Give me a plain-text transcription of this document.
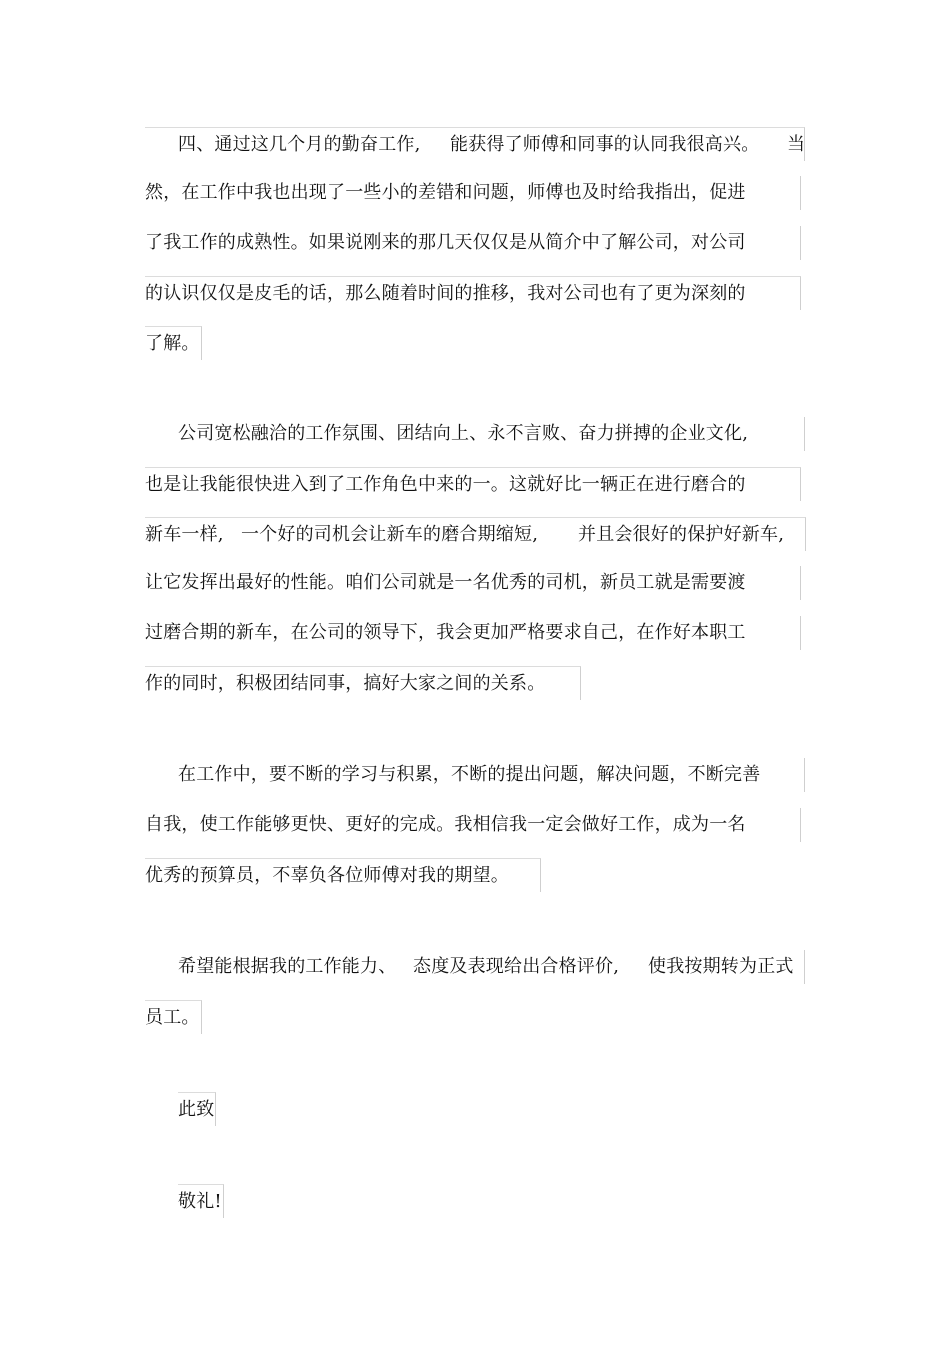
四、通过这几个月的勤奋工作,

能获得了师傅和同事的认同我很高兴。

当

然，在工作中我也出现了一些小的差错和问题，师傅也及时给我指出，促进

了我工作的成熟性。如果说刚来的那几天仅仅是从简介中了解公司，对公司

的认识仅仅是皮毛的话，那么随着时间的推移，我对公司也有了更为深刻的

了解。

公司宽松融洽的工作氛围、团结向上、永不言败、奋力拼搏的企业文化,

也是让我能很快进入到了工作角色中来的一。这就好比一辆正在进行磨合的

新车一样,

一个好的司机会让新车的磨合期缩短,

并且会很好的保护好新车,

让它发挥出最好的性能。咱们公司就是一名优秀的司机，新员工就是需要渡

过磨合期的新车，在公司的领导下，我会更加严格要求自己，在作好本职工

作的同时，积极团结同事，搞好大家之间的关系。

在工作中，要不断的学习与积累，不断的提出问题，解决问题，不断完善

自我，使工作能够更快、更好的完成。我相信我一定会做好工作，成为一名

优秀的预算员，不辜负各位师傅对我的期望。

希望能根据我的工作能力、

态度及表现给出合格评价,

使我按期转为正式

员工。

此致

敬礼!
